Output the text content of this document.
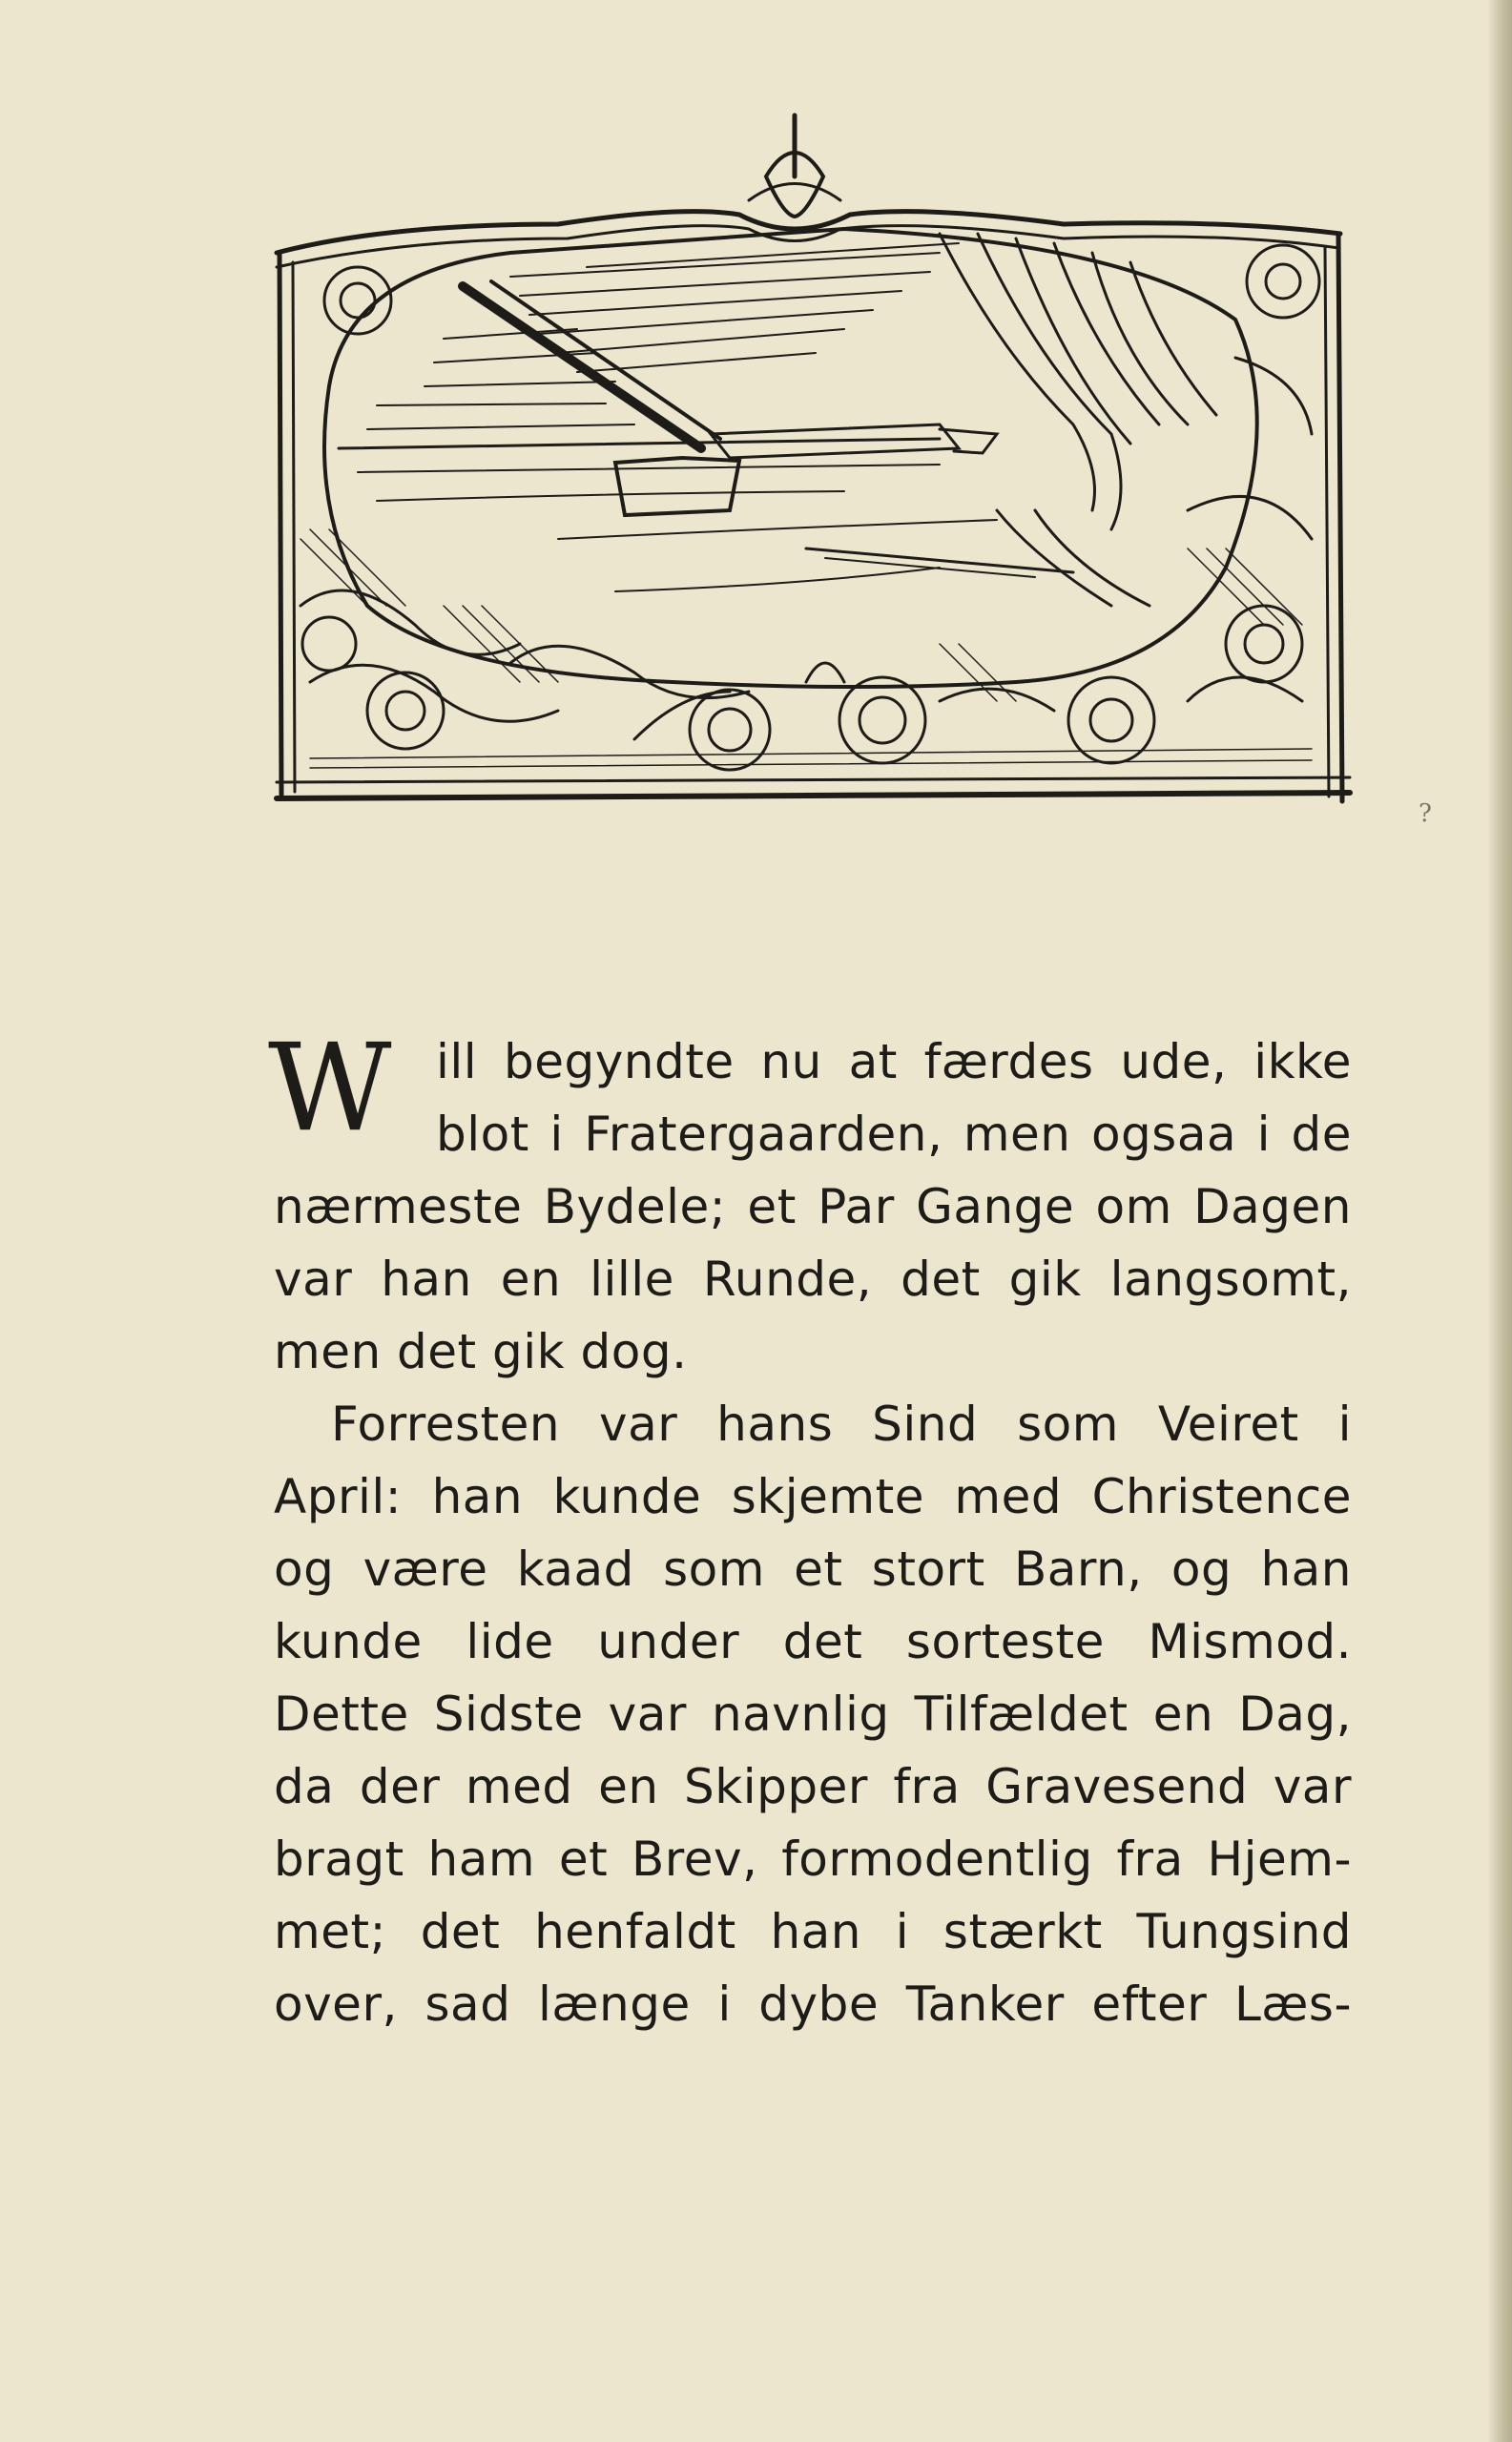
?
W ill begyndte nu at færdes ude, ikke
blot i Fratergaarden, men ogsaa i de
nærmeste Bydele; et Par Gange om Dagen
var han en lille Runde, det gik langsomt,
men det gik dog.
Forresten var hans Sind som Veiret i
April: han kunde skjemte med Christence
og være kaad som et stort Barn, og han
kunde lide under det sorteste Mismod.
Dette Sidste var navnlig Tilfældet en Dag,
da der med en Skipper fra Gravesend var
bragt ham et Brev, formodentlig fra Hjem-
met; det henfaldt han i stærkt Tungsind
over, sad længe i dybe Tanker efter Læs-
